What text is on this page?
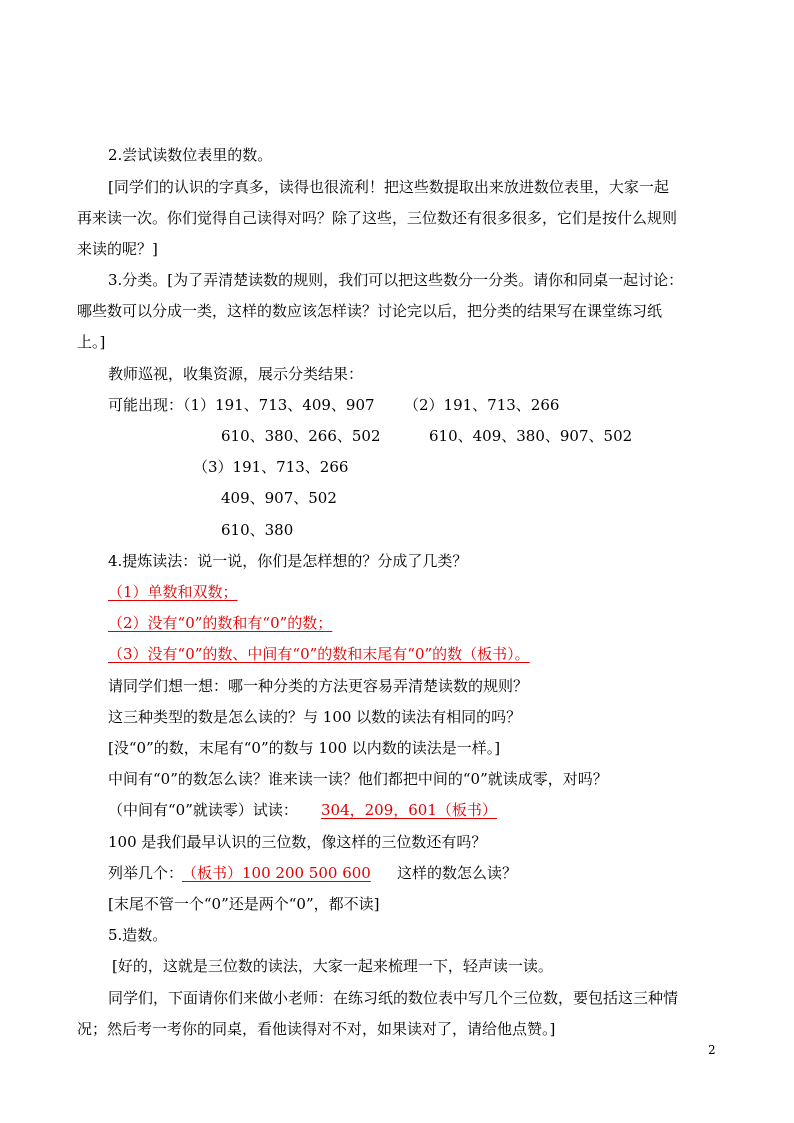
2.尝试读数位表里的数。
[同学们的认识的字真多，读得也很流利！把这些数提取出来放进数位表里，大家一起
再来读一次。你们觉得自己读得对吗？除了这些，三位数还有很多很多，它们是按什么规则
来读的呢？]
3.分类。[为了弄清楚读数的规则，我们可以把这些数分一分类。请你和同桌一起讨论：
哪些数可以分成一类，这样的数应该怎样读？讨论完以后，把分类的结果写在课堂练习纸
上。]
教师巡视，收集资源，展示分类结果：
可能出现：（1）191、713、409、907 （2）191、713、266
610、380、266、502	610、409、380、907、502
（3）191、713、266
409、907、502
610、380
4.提炼读法：说一说，你们是怎样想的？分成了几类？
（1）单数和双数；
（2）没有“0”的数和有“0”的数；
（3）没有“0”的数、中间有“0”的数和末尾有“0”的数（板书）。
请同学们想一想：哪一种分类的方法更容易弄清楚读数的规则？
这三种类型的数是怎么读的？与 100 以数的读法有相同的吗？
[没“0”的数，末尾有“0”的数与 100 以内数的读法是一样。]
中间有“0”的数怎么读？谁来读一读？他们都把中间的“0”就读成零，对吗？
（中间有“0”就读零）试读： 304，209，601（板书）
100 是我们最早认识的三位数，像这样的三位数还有吗？
列举几个：
（板书）100 200 500 600 这样的数怎么读？
[末尾不管一个“0”还是两个“0”，都不读]
5.造数。
[好的，这就是三位数的读法，大家一起来梳理一下，轻声读一读。
同学们，下面请你们来做小老师：在练习纸的数位表中写几个三位数，要包括这三种情
况；然后考一考你的同桌，看他读得对不对，如果读对了，请给他点赞。]
2
